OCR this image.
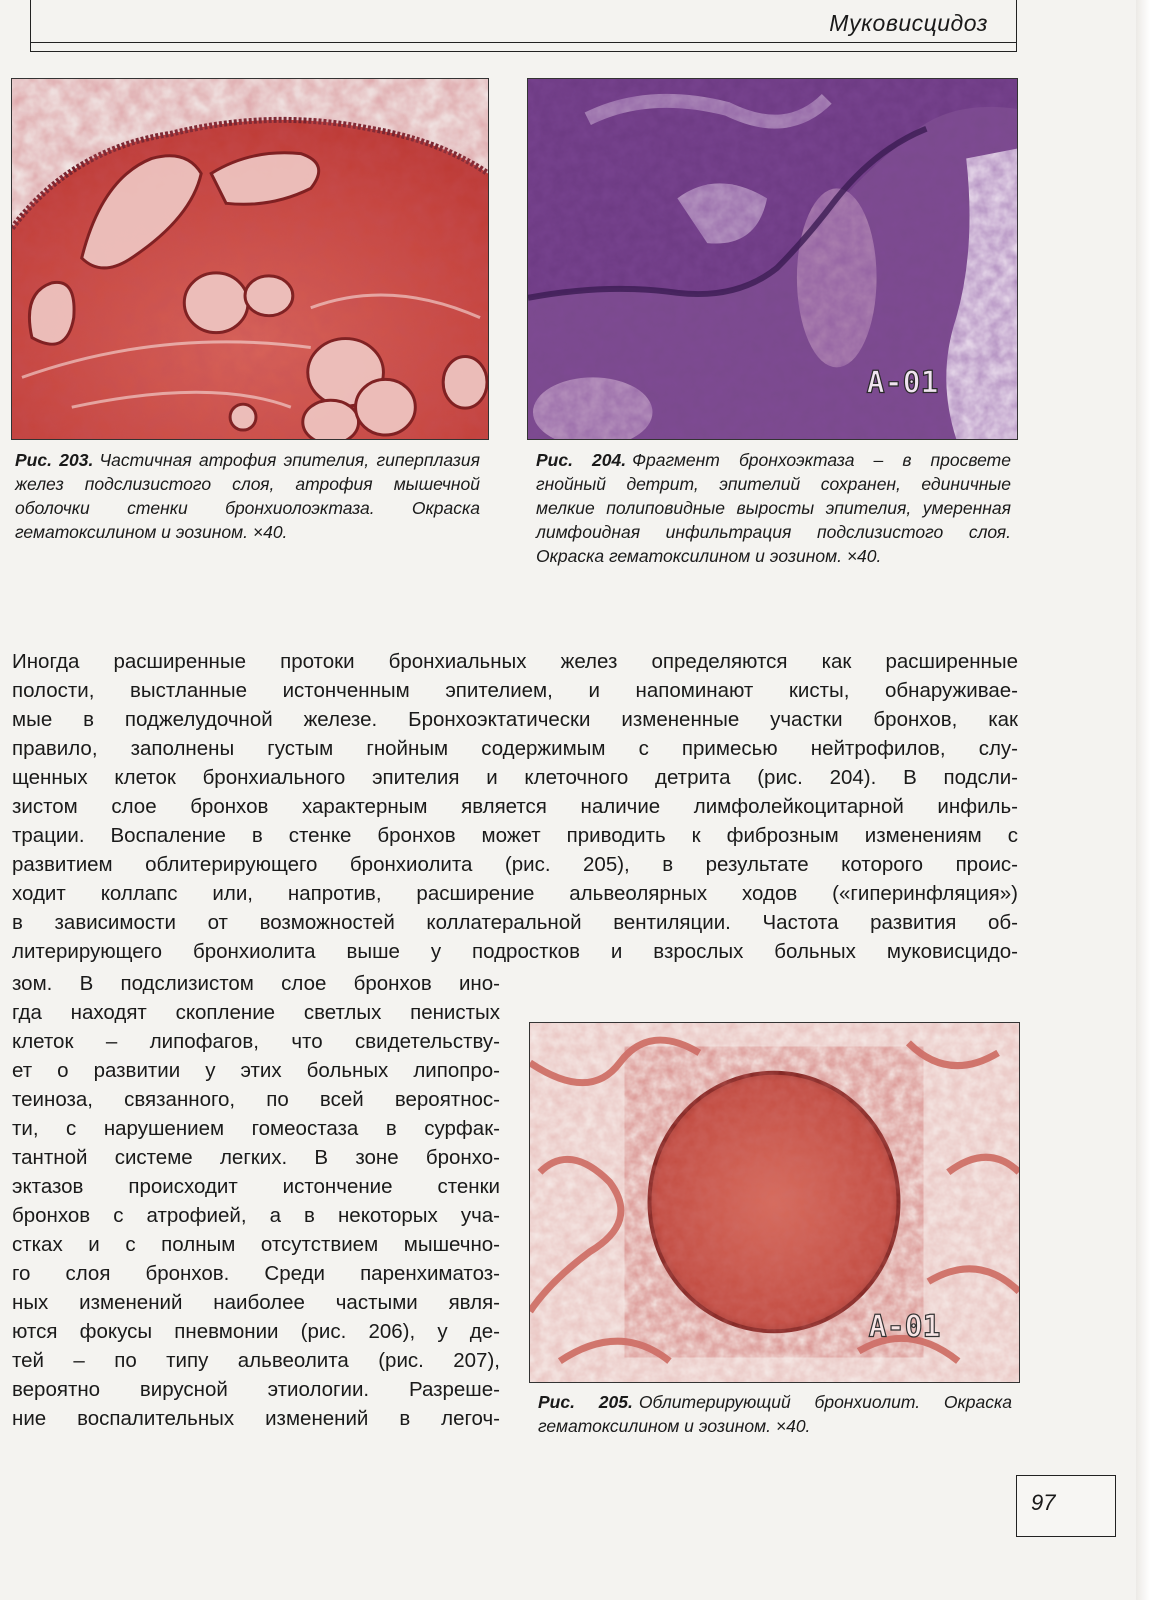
Муковисцидоз
A-01
A-01
Рис. 203. Частичная атрофия эпителия, гиперплазия желез подслизистого слоя, атрофия мышечной оболочки стенки бронхиолоэктаза. Окраска гематоксилином и эозином. ×40.
Рис. 204. Фрагмент бронхоэктаза – в просвете гнойный детрит, эпителий сохранен, единичные мелкие полиповидные выросты эпителия, умеренная лимфоидная инфильтрация подслизистого слоя. Окраска гематоксилином и эозином. ×40.
Рис. 205. Облитерирующий бронхиолит. Окраска гематоксилином и эозином. ×40.
Иногда расширенные протоки бронхиальных желез определяются как расширенные
полости, выстланные истонченным эпителием, и напоминают кисты, обнаруживае-
мые в поджелудочной железе. Бронхоэктатически измененные участки бронхов, как
правило, заполнены густым гнойным содержимым с примесью нейтрофилов, слу-
щенных клеток бронхиального эпителия и клеточного детрита (рис. 204). В подсли-
зистом слое бронхов характерным является наличие лимфолейкоцитарной инфиль-
трации. Воспаление в стенке бронхов может приводить к фиброзным изменениям с
развитием облитерирующего бронхиолита (рис. 205), в результате которого проис-
ходит коллапс или, напротив, расширение альвеолярных ходов («гиперинфляция»)
в зависимости от возможностей коллатеральной вентиляции. Частота развития об-
литерирующего бронхиолита выше у подростков и взрослых больных муковисцидо-
зом. В подслизистом слое бронхов ино-
гда находят скопление светлых пенистых
клеток – липофагов, что свидетельству-
ет о развитии у этих больных липопро-
теиноза, связанного, по всей вероятнос-
ти, с нарушением гомеостаза в сурфак-
тантной системе легких. В зоне бронхо-
эктазов происходит истончение стенки
бронхов с атрофией, а в некоторых уча-
стках и с полным отсутствием мышечно-
го слоя бронхов. Среди паренхиматоз-
ных изменений наиболее частыми явля-
ются фокусы пневмонии (рис. 206), у де-
тей – по типу альвеолита (рис. 207),
вероятно вирусной этиологии. Разреше-
ние воспалительных изменений в легоч-
97
